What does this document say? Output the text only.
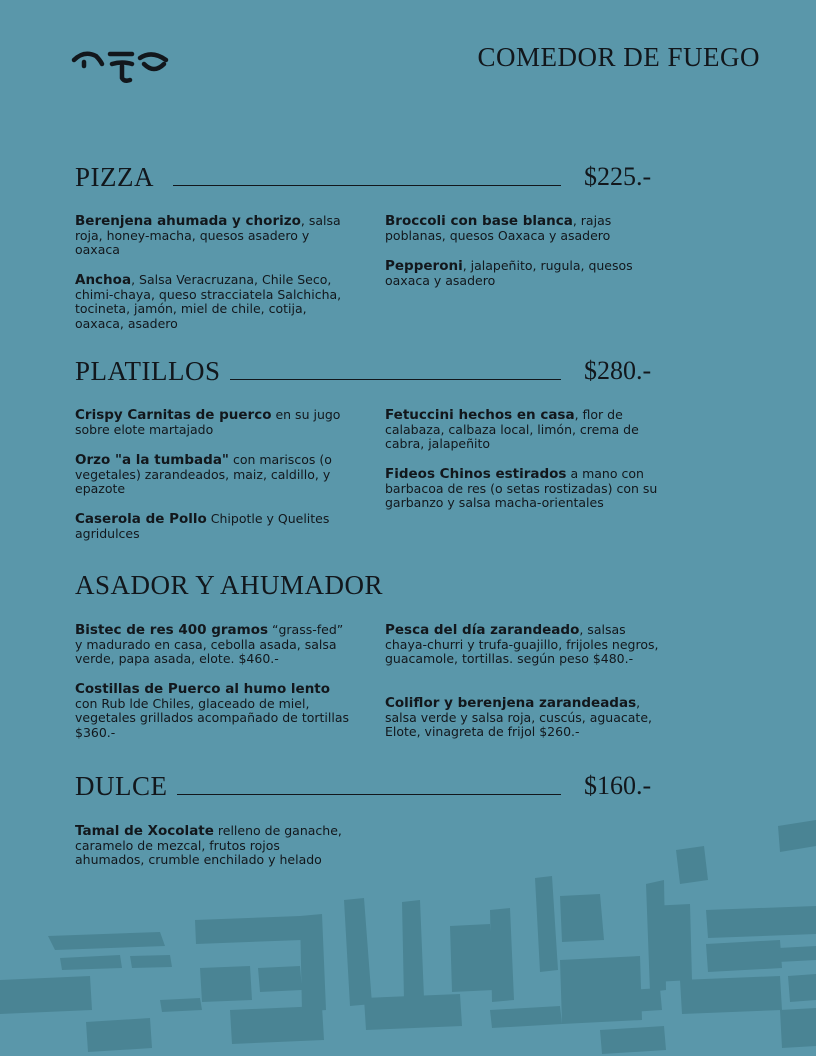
COMEDOR DE FUEGO
PIZZA	$225.-
Berenjena ahumada y chorizo, salsa roja, honey-macha, quesos asadero y oaxaca
Anchoa, Salsa Veracruzana, Chile Seco, chimi-chaya, queso stracciatela Salchicha, tocineta, jamón, miel de chile, cotija, oaxaca, asadero
Broccoli con base blanca, rajas poblanas, quesos Oaxaca y asadero
Pepperoni, jalapeñito, rugula, quesos oaxaca y asadero
PLATILLOS	$280.-
Crispy Carnitas de puerco en su jugo sobre elote martajado
Orzo "a la tumbada" con mariscos (o vegetales) zarandeados, maiz, caldillo, y epazote
Caserola de Pollo Chipotle y Quelites agridulces
Fetuccini hechos en casa, flor de calabaza, calbaza local, limón, crema de cabra, jalapeñito
Fideos Chinos estirados a mano con barbacoa de res (o setas rostizadas) con su garbanzo y salsa macha-orientales
ASADOR Y AHUMADOR
Bistec de res 400 gramos “grass-fed” y madurado en casa, cebolla asada, salsa verde, papa asada, elote. $460.-
Costillas de Puerco al humo lento con Rub lde Chiles, glaceado de miel, vegetales grillados acompañado de tortillas $360.-
Pesca del día zarandeado, salsas chaya-churri y trufa-guajillo, frijoles negros, guacamole, tortillas. según peso $480.-
Coliflor y berenjena zarandeadas, salsa verde y salsa roja, cuscús, aguacate, Elote, vinagreta de frijol $260.-
DULCE	$160.-
Tamal de Xocolate relleno de ganache, caramelo de mezcal, frutos rojos ahumados, crumble enchilado y helado
